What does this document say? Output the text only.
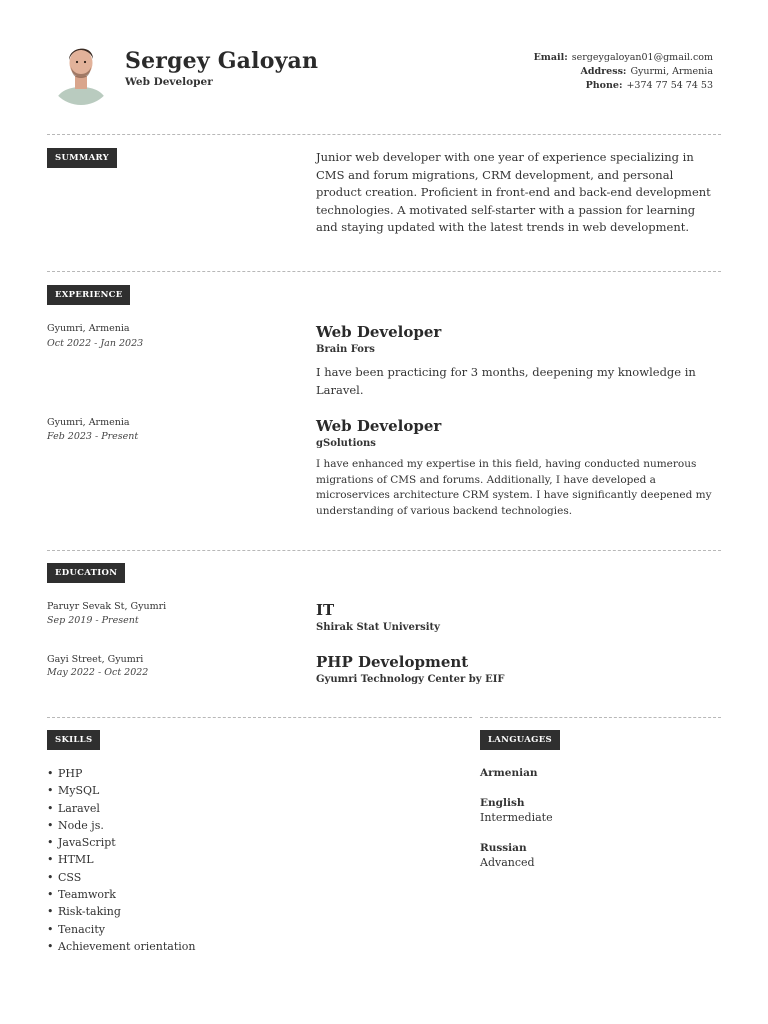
Sergey Galoyan
Web Developer
Email: sergeygaloyan01@gmail.com
Address: Gyurmi, Armenia
Phone: +374 77 54 74 53
SUMMARY	Junior web developer with one year of experience specializing in CMS and forum migrations, CRM development, and personal product creation. Proficient in front-end and back-end development technologies. A motivated self-starter with a passion for learning and staying updated with the latest trends in web development.
EXPERIENCE
Gyumri, Armenia
Oct 2022 - Jan 2023
Web Developer
Brain Fors
I have been practicing for 3 months, deepening my knowledge in Laravel.
Gyumri, Armenia
Feb 2023 - Present
Web Developer
gSolutions
I have enhanced my expertise in this field, having conducted numerous migrations of CMS and forums. Additionally, I have developed a microservices architecture CRM system. I have significantly deepened my understanding of various backend technologies.
EDUCATION
Paruyr Sevak St, Gyumri
Sep 2019 - Present
IT
Shirak Stat University
Gayi Street, Gyumri
May 2022 - Oct 2022
PHP Development
Gyumri Technology Center by EIF
SKILLS
• PHP
• MySQL
• Laravel
• Node js.
• JavaScript
• HTML
• CSS
• Teamwork
• Risk-taking
• Tenacity
• Achievement orientation
LANGUAGES
Armenian
English
Intermediate
Russian
Advanced
